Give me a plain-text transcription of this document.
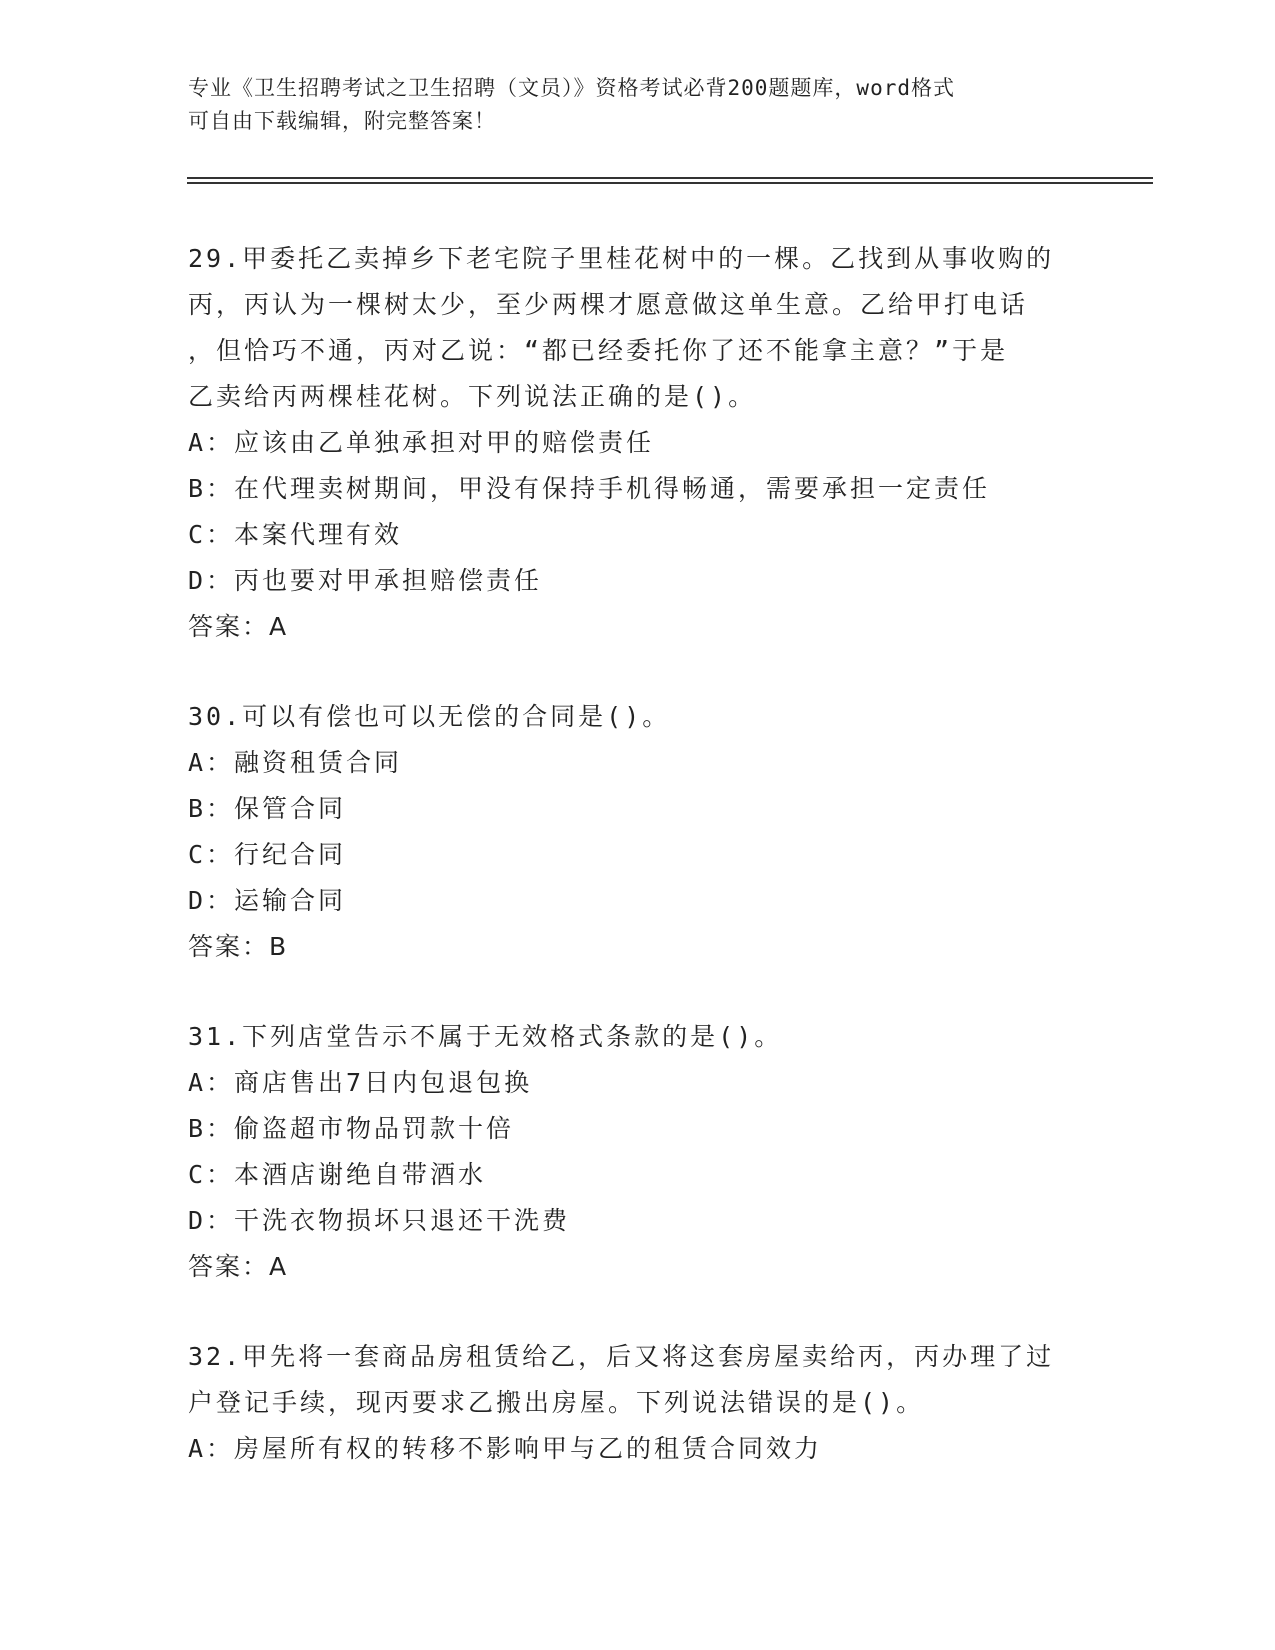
专业《卫生招聘考试之卫生招聘（文员）》资格考试必背200题题库，word格式
可自由下载编辑，附完整答案！

29.甲委托乙卖掉乡下老宅院子里桂花树中的一棵。乙找到从事收购的

丙，丙认为一棵树太少，至少两棵才愿意做这单生意。乙给甲打电话

，但恰巧不通，丙对乙说：“都已经委托你了还不能拿主意？”于是

乙卖给丙两棵桂花树。下列说法正确的是()。

A：应该由乙单独承担对甲的赔偿责任

B：在代理卖树期间，甲没有保持手机得畅通，需要承担一定责任

C：本案代理有效

D：丙也要对甲承担赔偿责任

答案：A

30.可以有偿也可以无偿的合同是()。

A：融资租赁合同

B：保管合同

C：行纪合同

D：运输合同

答案：B

31.下列店堂告示不属于无效格式条款的是()。

A：商店售出7日内包退包换

B：偷盗超市物品罚款十倍

C：本酒店谢绝自带酒水

D：干洗衣物损坏只退还干洗费

答案：A

32.甲先将一套商品房租赁给乙，后又将这套房屋卖给丙，丙办理了过

户登记手续，现丙要求乙搬出房屋。下列说法错误的是()。

A：房屋所有权的转移不影响甲与乙的租赁合同效力
